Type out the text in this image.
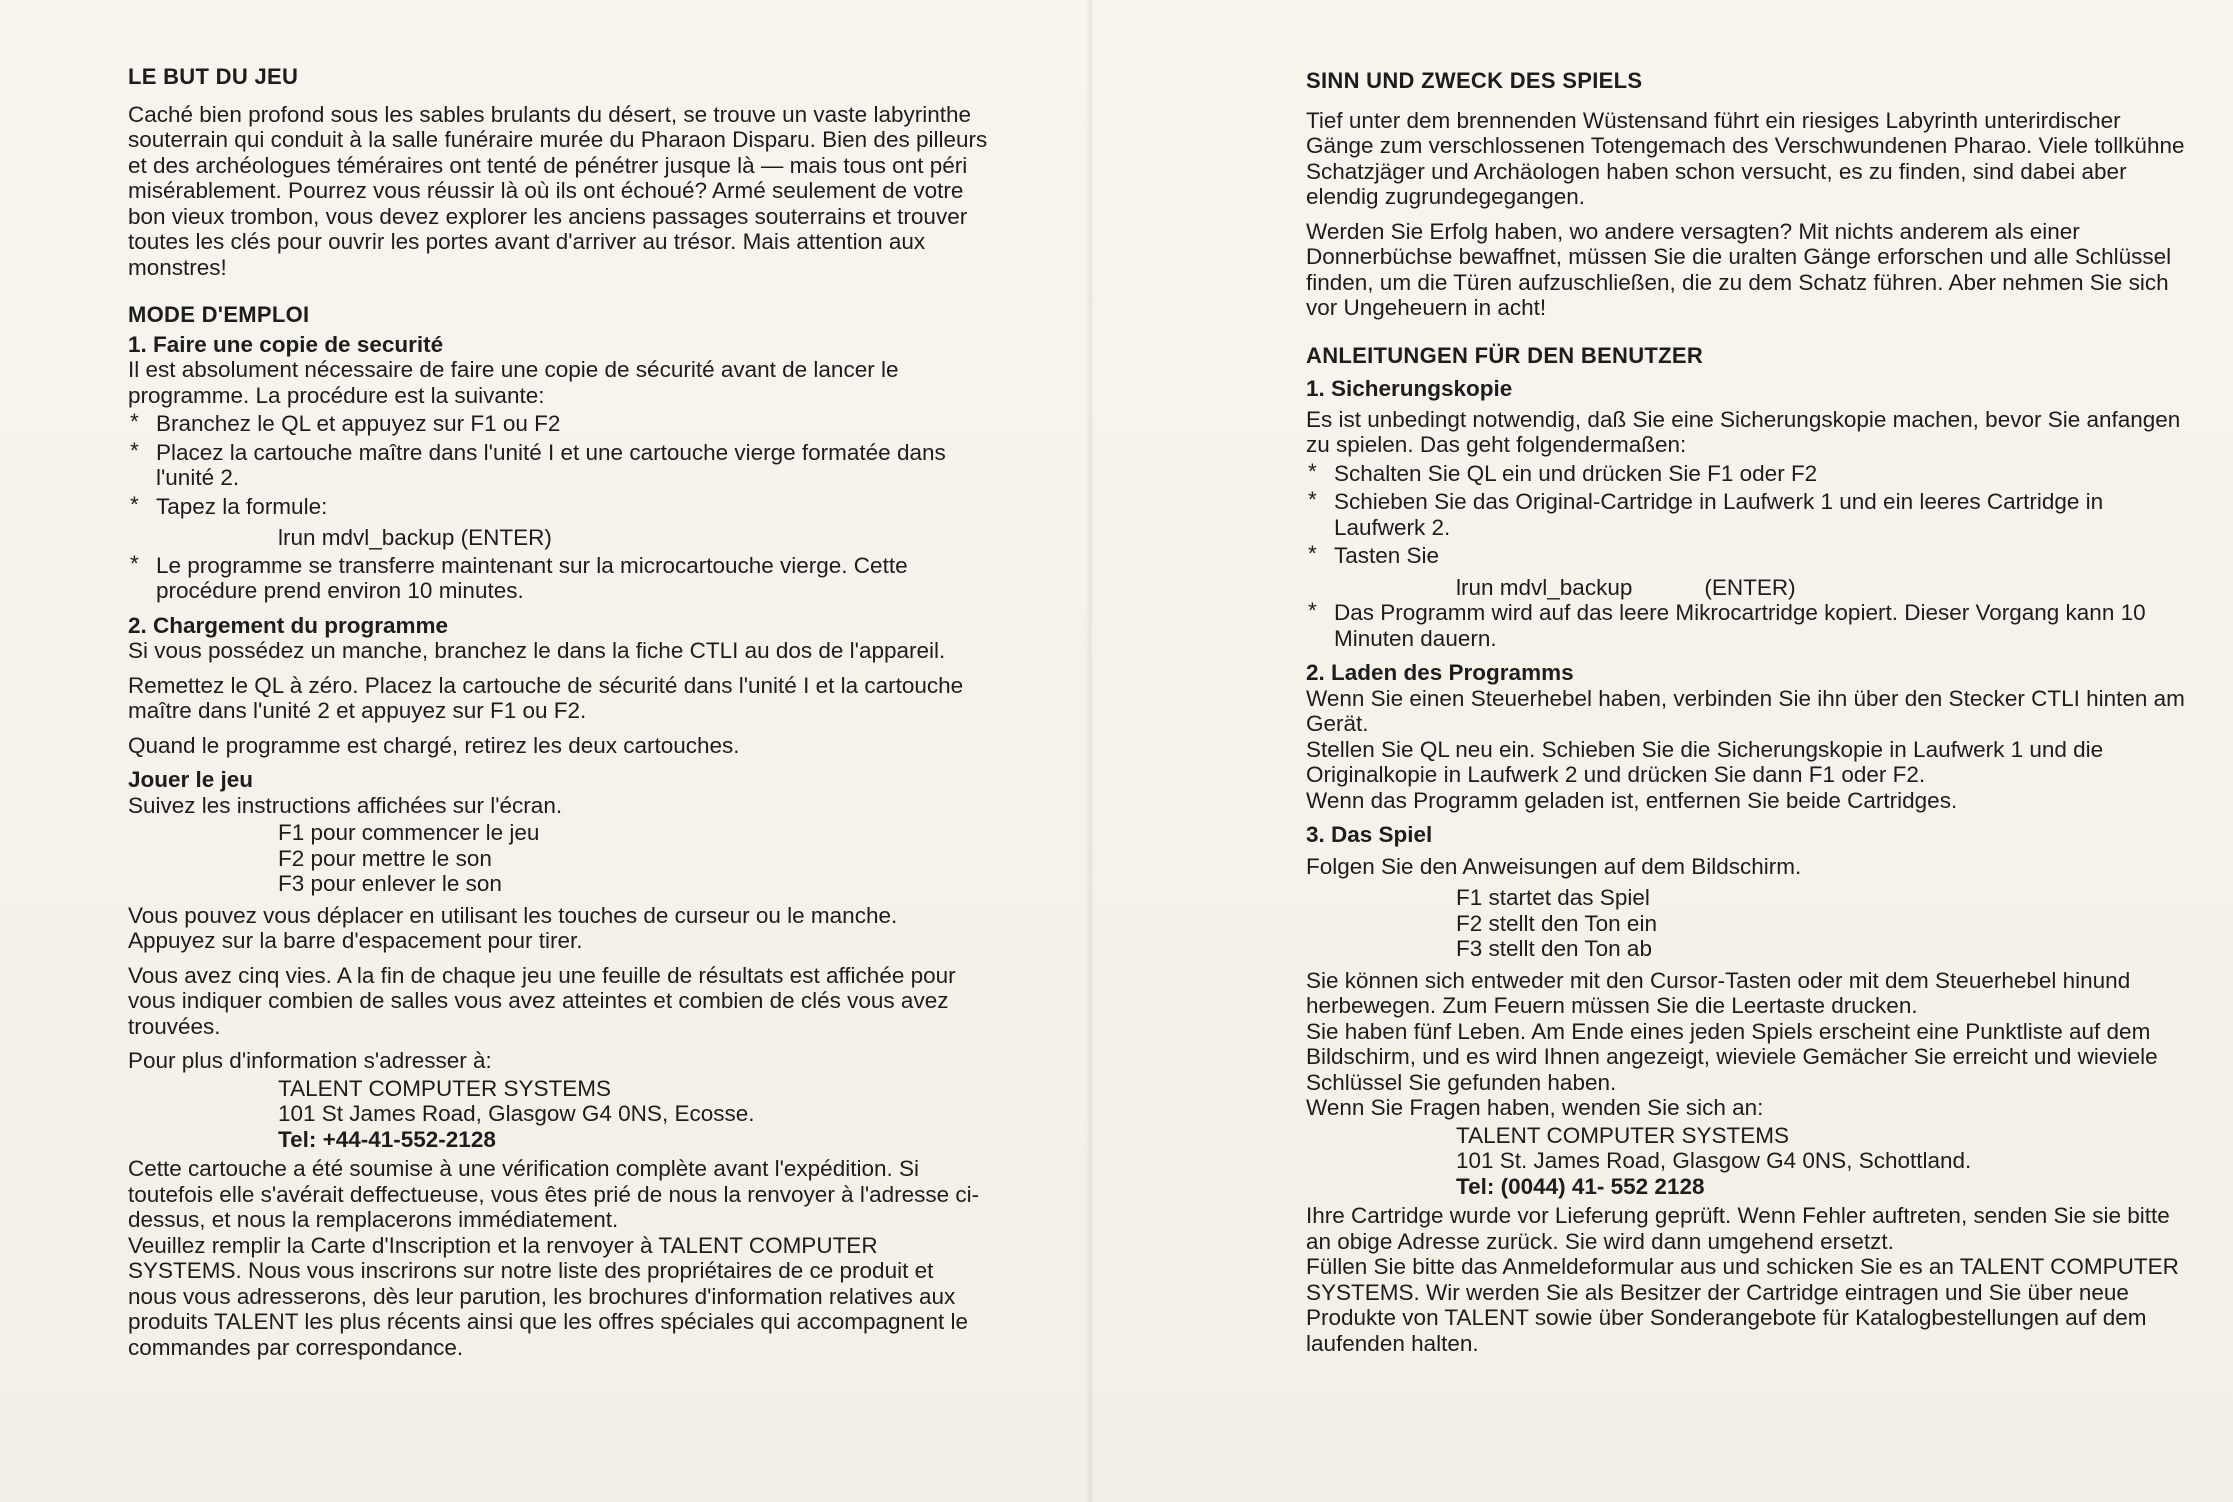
LE BUT DU JEU

Caché bien profond sous les sables brulants du désert, se trouve un vaste labyrinthe souterrain qui conduit à la salle funéraire murée du Pharaon Disparu. Bien des pilleurs et des archéologues téméraires ont tenté de pénétrer jusque là — mais tous ont péri misérablement. Pourrez vous réussir là où ils ont échoué? Armé seulement de votre bon vieux trombon, vous devez explorer les anciens passages souterrains et trouver toutes les clés pour ouvrir les portes avant d'arriver au trésor. Mais attention aux monstres!

MODE D'EMPLOI
1. Faire une copie de securité

Il est absolument nécessaire de faire une copie de sécurité avant de lancer le programme. La procédure est la suivante:

* Branchez le QL et appuyez sur F1 ou F2
* Placez la cartouche maître dans l'unité I et une cartouche vierge formatée dans l'unité 2.
* Tapez la formule:
lrun mdvl_backup (ENTER)
* Le programme se transferre maintenant sur la microcartouche vierge. Cette procédure prend environ 10 minutes.
2. Chargement du programme

Si vous possédez un manche, branchez le dans la fiche CTLI au dos de l'appareil.

Remettez le QL à zéro. Placez la cartouche de sécurité dans l'unité I et la cartouche maître dans l'unité 2 et appuyez sur F1 ou F2.

Quand le programme est chargé, retirez les deux cartouches.

Jouer le jeu

Suivez les instructions affichées sur l'écran.

F1 pour commencer le jeu
F2 pour mettre le son
F3 pour enlever le son

Vous pouvez vous déplacer en utilisant les touches de curseur ou le manche. Appuyez sur la barre d'espacement pour tirer.

Vous avez cinq vies. A la fin de chaque jeu une feuille de résultats est affichée pour vous indiquer combien de salles vous avez atteintes et combien de clés vous avez trouvées.

Pour plus d'information s'adresser à:

TALENT COMPUTER SYSTEMS
101 St James Road, Glasgow G4 0NS, Ecosse.
Tel: +44-41-552-2128

Cette cartouche a été soumise à une vérification complète avant l'expédition. Si toutefois elle s'avérait deffectueuse, vous êtes prié de nous la renvoyer à l'adresse ci-dessus, et nous la remplacerons immédiatement.

Veuillez remplir la Carte d'Inscription et la renvoyer à TALENT COMPUTER SYSTEMS. Nous vous inscrirons sur notre liste des propriétaires de ce produit et nous vous adresserons, dès leur parution, les brochures d'information relatives aux produits TALENT les plus récents ainsi que les offres spéciales qui accompagnent le commandes par correspondance.

SINN UND ZWECK DES SPIELS

Tief unter dem brennenden Wüstensand führt ein riesiges Labyrinth unterirdischer Gänge zum verschlossenen Totengemach des Verschwundenen Pharao. Viele tollkühne Schatzjäger und Archäologen haben schon versucht, es zu finden, sind dabei aber elendig zugrundegegangen.

Werden Sie Erfolg haben, wo andere versagten? Mit nichts anderem als einer Donnerbüchse bewaffnet, müssen Sie die uralten Gänge erforschen und alle Schlüssel finden, um die Türen aufzuschließen, die zu dem Schatz führen. Aber nehmen Sie sich vor Ungeheuern in acht!

ANLEITUNGEN FÜR DEN BENUTZER
1. Sicherungskopie

Es ist unbedingt notwendig, daß Sie eine Sicherungskopie machen, bevor Sie anfangen zu spielen. Das geht folgendermaßen:

* Schalten Sie QL ein und drücken Sie F1 oder F2
* Schieben Sie das Original-Cartridge in Laufwerk 1 und ein leeres Cartridge in Laufwerk 2.
* Tasten Sie
lrun mdvl_backup	(ENTER)
* Das Programm wird auf das leere Mikrocartridge kopiert. Dieser Vorgang kann 10 Minuten dauern.
2. Laden des Programms

Wenn Sie einen Steuerhebel haben, verbinden Sie ihn über den Stecker CTLI hinten am Gerät.

Stellen Sie QL neu ein. Schieben Sie die Sicherungskopie in Laufwerk 1 und die Originalkopie in Laufwerk 2 und drücken Sie dann F1 oder F2.

Wenn das Programm geladen ist, entfernen Sie beide Cartridges.

3. Das Spiel

Folgen Sie den Anweisungen auf dem Bildschirm.

F1 startet das Spiel
F2 stellt den Ton ein
F3 stellt den Ton ab

Sie können sich entweder mit den Cursor-Tasten oder mit dem Steuerhebel hinund herbewegen. Zum Feuern müssen Sie die Leertaste drucken.

Sie haben fünf Leben. Am Ende eines jeden Spiels erscheint eine Punktliste auf dem Bildschirm, und es wird Ihnen angezeigt, wieviele Gemächer Sie erreicht und wieviele Schlüssel Sie gefunden haben.

Wenn Sie Fragen haben, wenden Sie sich an:

TALENT COMPUTER SYSTEMS
101 St. James Road, Glasgow G4 0NS, Schottland.
Tel: (0044) 41- 552 2128

Ihre Cartridge wurde vor Lieferung geprüft. Wenn Fehler auftreten, senden Sie sie bitte an obige Adresse zurück. Sie wird dann umgehend ersetzt.

Füllen Sie bitte das Anmeldeformular aus und schicken Sie es an TALENT COMPUTER SYSTEMS. Wir werden Sie als Besitzer der Cartridge eintragen und Sie über neue Produkte von TALENT sowie über Sonderangebote für Katalogbestellungen auf dem laufenden halten.
